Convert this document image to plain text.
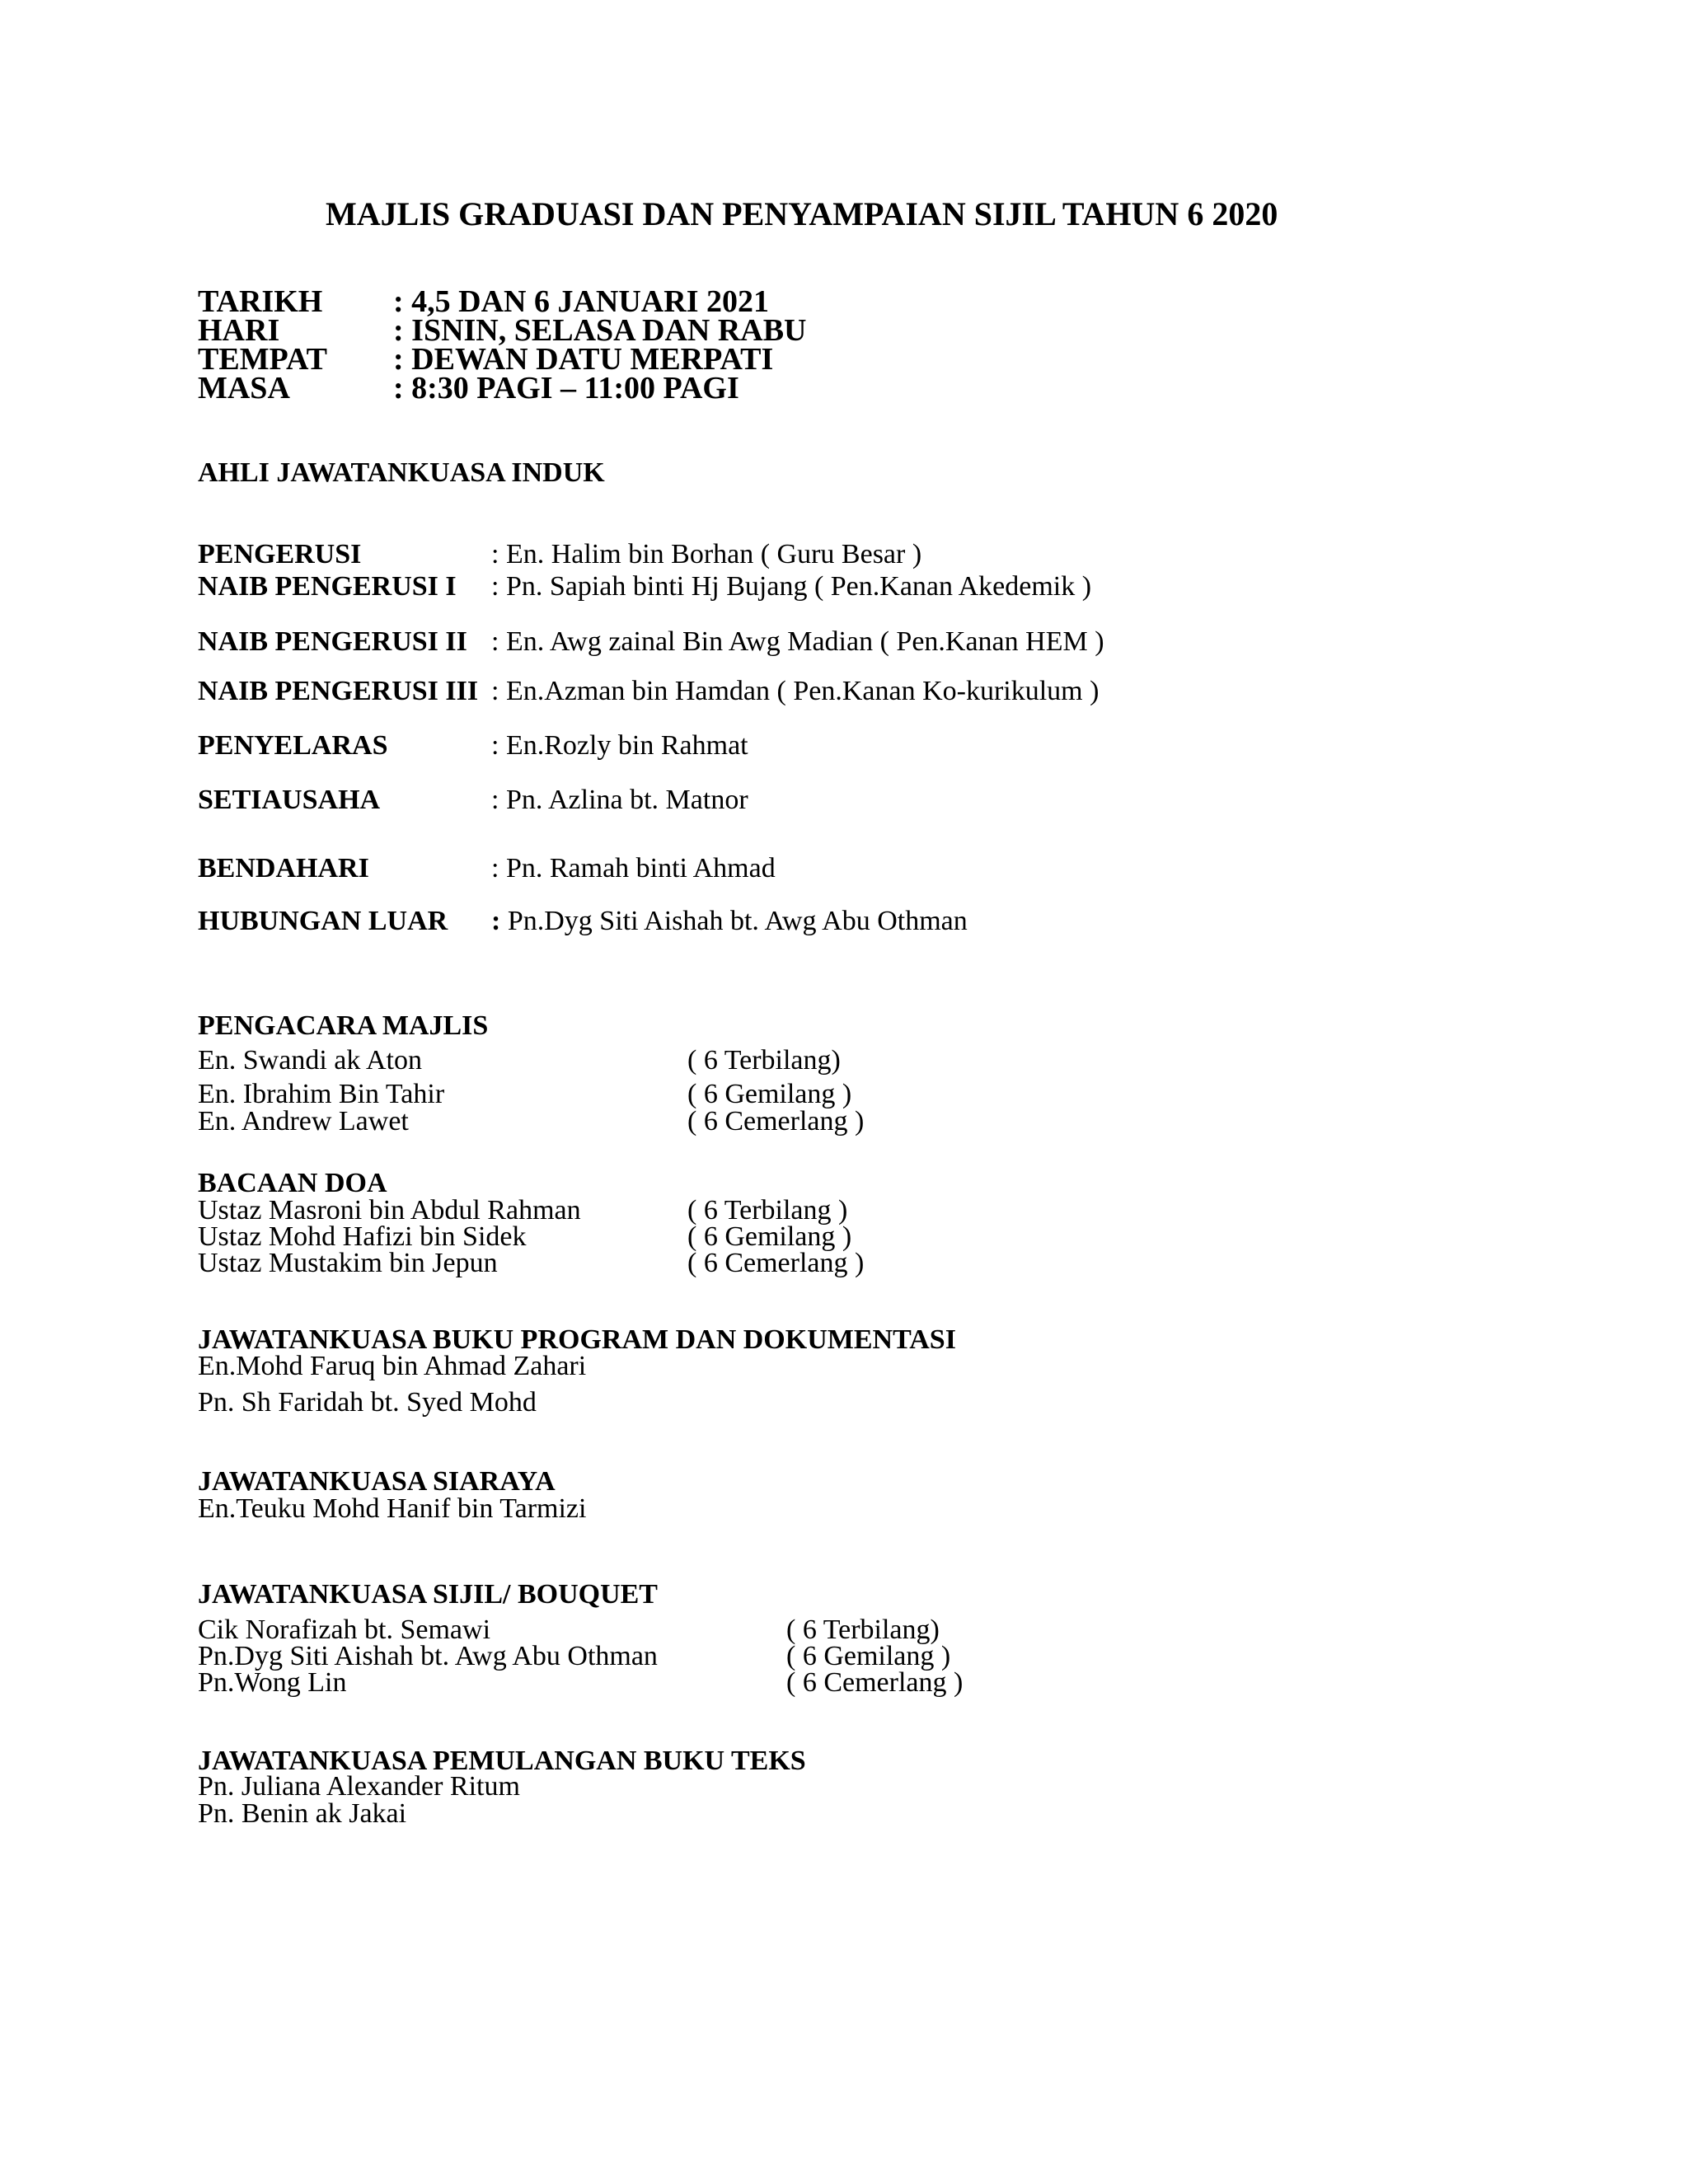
MAJLIS GRADUASI DAN PENYAMPAIAN SIJIL TAHUN 6 2020
TARIKH : 4,5 DAN 6 JANUARI 2021
HARI	: ISNIN, SELASA DAN RABU
TEMPAT : DEWAN DATU MERPATI
MASA	: 8:30 PAGI – 11:00 PAGI
AHLI JAWATANKUASA INDUK
PENGERUSI	: En. Halim bin Borhan ( Guru Besar )
NAIB PENGERUSI I : Pn. Sapiah binti Hj Bujang ( Pen.Kanan Akedemik )
NAIB PENGERUSI II : En. Awg zainal Bin Awg Madian ( Pen.Kanan HEM )
NAIB PENGERUSI III : En.Azman bin Hamdan ( Pen.Kanan Ko-kurikulum )
PENYELARAS	: En.Rozly bin Rahmat
SETIAUSAHA	: Pn. Azlina bt. Matnor
BENDAHARI	: Pn. Ramah binti Ahmad
HUBUNGAN LUAR : Pn.Dyg Siti Aishah bt. Awg Abu Othman
PENGACARA MAJLIS
En. Swandi ak Aton	( 6 Terbilang)
En. Ibrahim Bin Tahir	( 6 Gemilang )
En. Andrew Lawet	( 6 Cemerlang )
BACAAN DOA
Ustaz Masroni bin Abdul Rahman	( 6 Terbilang )
Ustaz Mohd Hafizi bin Sidek	( 6 Gemilang )
Ustaz Mustakim bin Jepun	( 6 Cemerlang )
JAWATANKUASA BUKU PROGRAM DAN DOKUMENTASI
En.Mohd Faruq bin Ahmad Zahari
Pn. Sh Faridah bt. Syed Mohd
JAWATANKUASA SIARAYA
En.Teuku Mohd Hanif bin Tarmizi
JAWATANKUASA SIJIL/ BOUQUET
Cik Norafizah bt. Semawi	( 6 Terbilang)
Pn.Dyg Siti Aishah bt. Awg Abu Othman	( 6 Gemilang )
Pn.Wong Lin	( 6 Cemerlang )
JAWATANKUASA PEMULANGAN BUKU TEKS
Pn. Juliana Alexander Ritum
Pn. Benin ak Jakai
